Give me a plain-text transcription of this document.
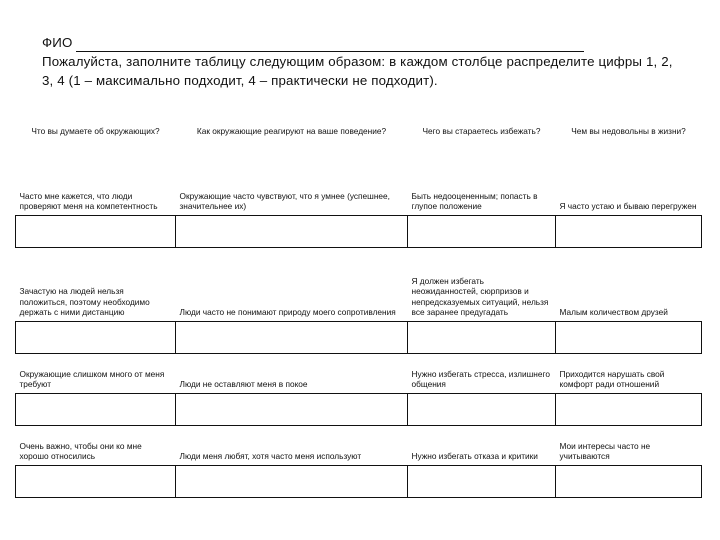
ФИО

Пожалуйста, заполните таблицу следующим образом: в каждом столбце распределите цифры 1, 2, 3, 4 (1 – максимально подходит, 4 – практически не подходит).

Что вы думаете об окружающих?	Как окружающие реагируют на ваше поведение?	Чего вы стараетесь избежать?	Чем вы недовольны в жизни?

Часто мне кажется, что люди проверяют меня на компетентность	Окружающие часто чувствуют, что я умнее (успешнее, значительнее их)	Быть недооцененным; попасть в глупое положение	Я часто устаю и бываю перегружен

Зачастую на людей нельзя положиться, поэтому необходимо держать с ними дистанцию	Люди часто не понимают природу моего сопротивления	Я должен избегать неожиданностей, сюрпризов и непредсказуемых ситуаций, нельзя все заранее предугадать	Малым количеством друзей

Окружающие слишком много от меня требуют	Люди не оставляют меня в покое	Нужно избегать стресса, излишнего общения	Приходится нарушать свой комфорт ради отношений

Очень важно, чтобы они ко мне хорошо относились	Люди меня любят, хотя часто меня используют	Нужно избегать отказа и критики	Мои интересы часто не учитываются
